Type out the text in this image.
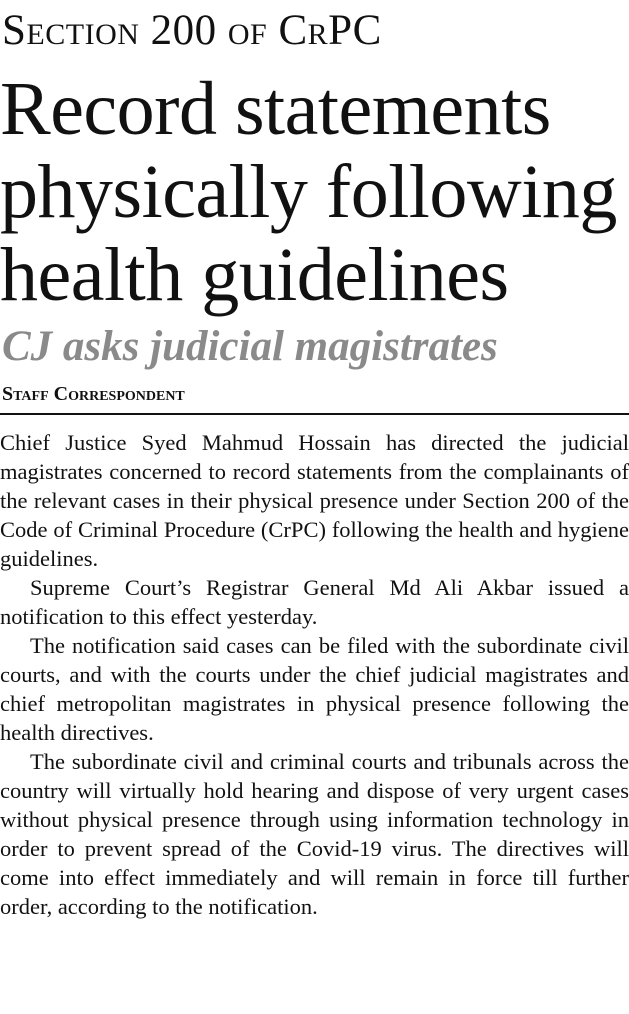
Section 200 of CrPC
Record statements
physically following
health guidelines
CJ asks judicial magistrates
Staff Correspondent

Chief Justice Syed Mahmud Hossain has directed the judicial magistrates concerned to record statements from the complainants of the relevant cases in their physical presence under Section 200 of the Code of Criminal Procedure (CrPC) following the health and hygiene guidelines.

Supreme Court’s Registrar General Md Ali Akbar issued a notification to this effect yesterday.

The notification said cases can be filed with the subordinate civil courts, and with the courts under the chief judicial magistrates and chief metropolitan magistrates in physical presence following the health directives.

The subordinate civil and criminal courts and tribunals across the country will virtually hold hearing and dispose of very urgent cases without physical presence through using information technology in order to prevent spread of the Covid-19 virus. The directives will come into effect immediately and will remain in force till further order, according to the notification.
